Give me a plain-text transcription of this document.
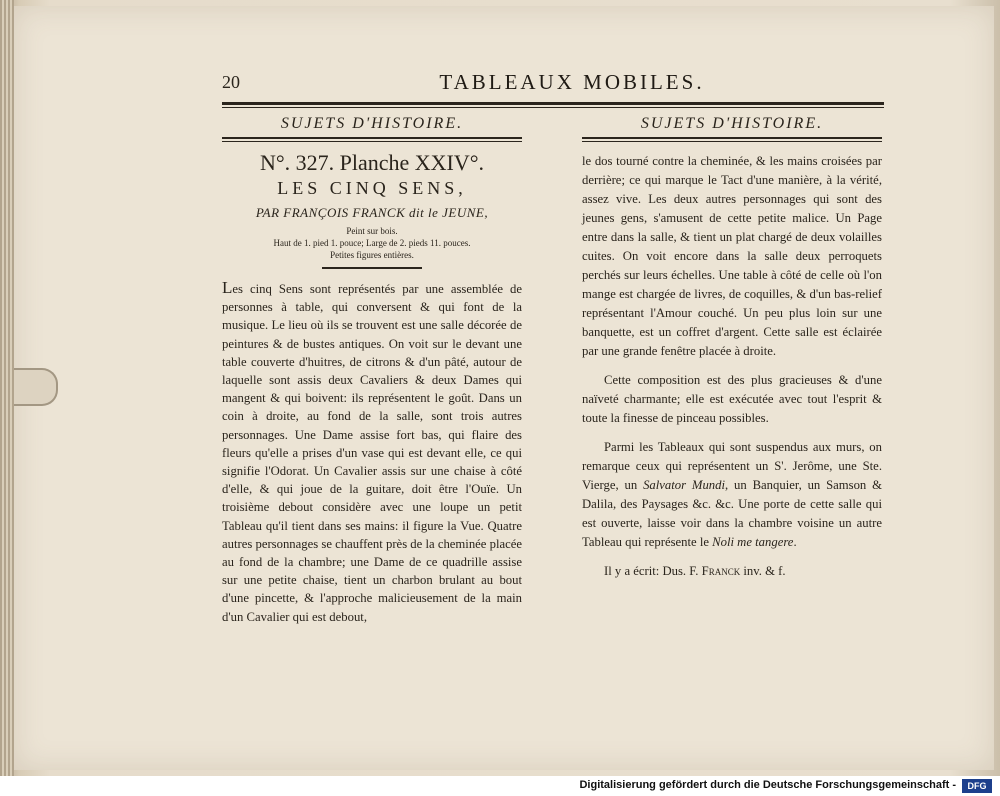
20	TABLEAUX MOBILES.
SUJETS D'HISTOIRE.
N°. 327. Planche XXIV°.
LES CINQ SENS,
PAR FRANÇOIS FRANCK dit le JEUNE,
Peint sur bois.
Haut de 1. pied 1. pouce; Large de 2. pieds 11. pouces.
Petites figures entières.
Les cinq Sens sont représentés par une assemblée de personnes à table, qui conversent & qui font de la musique. Le lieu où ils se trouvent est une salle décorée de peintures & de bustes antiques. On voit sur le devant une table couverte d'huitres, de citrons & d'un pâté, autour de laquelle sont assis deux Cavaliers & deux Dames qui mangent & qui boivent: ils représentent le goût. Dans un coin à droite, au fond de la salle, sont trois autres personnages. Une Dame assise fort bas, qui flaire des fleurs qu'elle a prises d'un vase qui est devant elle, ce qui signifie l'Odorat. Un Cavalier assis sur une chaise à côté d'elle, & qui joue de la guitare, doit être l'Ouïe. Un troisième debout considère avec une loupe un petit Tableau qu'il tient dans ses mains: il figure la Vue. Quatre autres personnages se chauffent près de la cheminée placée au fond de la chambre; une Dame de ce quadrille assise sur une petite chaise, tient un charbon brulant au bout d'une pincette, & l'approche malicieusement de la main d'un Cavalier qui est debout,
SUJETS D'HISTOIRE.

le dos tourné contre la cheminée, & les mains croisées par derrière; ce qui marque le Tact d'une manière, à la vérité, assez vive. Les deux autres personnages qui sont des jeunes gens, s'amusent de cette petite malice. Un Page entre dans la salle, & tient un plat chargé de deux volailles cuites. On voit encore dans la salle deux perroquets perchés sur leurs échelles. Une table à côté de celle où l'on mange est chargée de livres, de coquilles, & d'un bas-relief représentant l'Amour couché. Un peu plus loin sur une banquette, est un coffret d'argent. Cette salle est éclairée par une grande fenêtre placée à droite.

Cette composition est des plus gracieuses & d'une naïveté charmante; elle est exécutée avec tout l'esprit & toute la finesse de pinceau possibles.

Parmi les Tableaux qui sont suspendus aux murs, on remarque ceux qui représentent un S'. Jerôme, une Ste. Vierge, un Salvator Mundi, un Banquier, un Samson & Dalila, des Paysages &c. &c. Une porte de cette salle qui est ouverte, laisse voir dans la chambre voisine un autre Tableau qui représente le Noli me tangere.

Il y a écrit: Dus. F. Franck inv. & f.
Digitalisierung gefördert durch die Deutsche Forschungsgemeinschaft -	DFG
